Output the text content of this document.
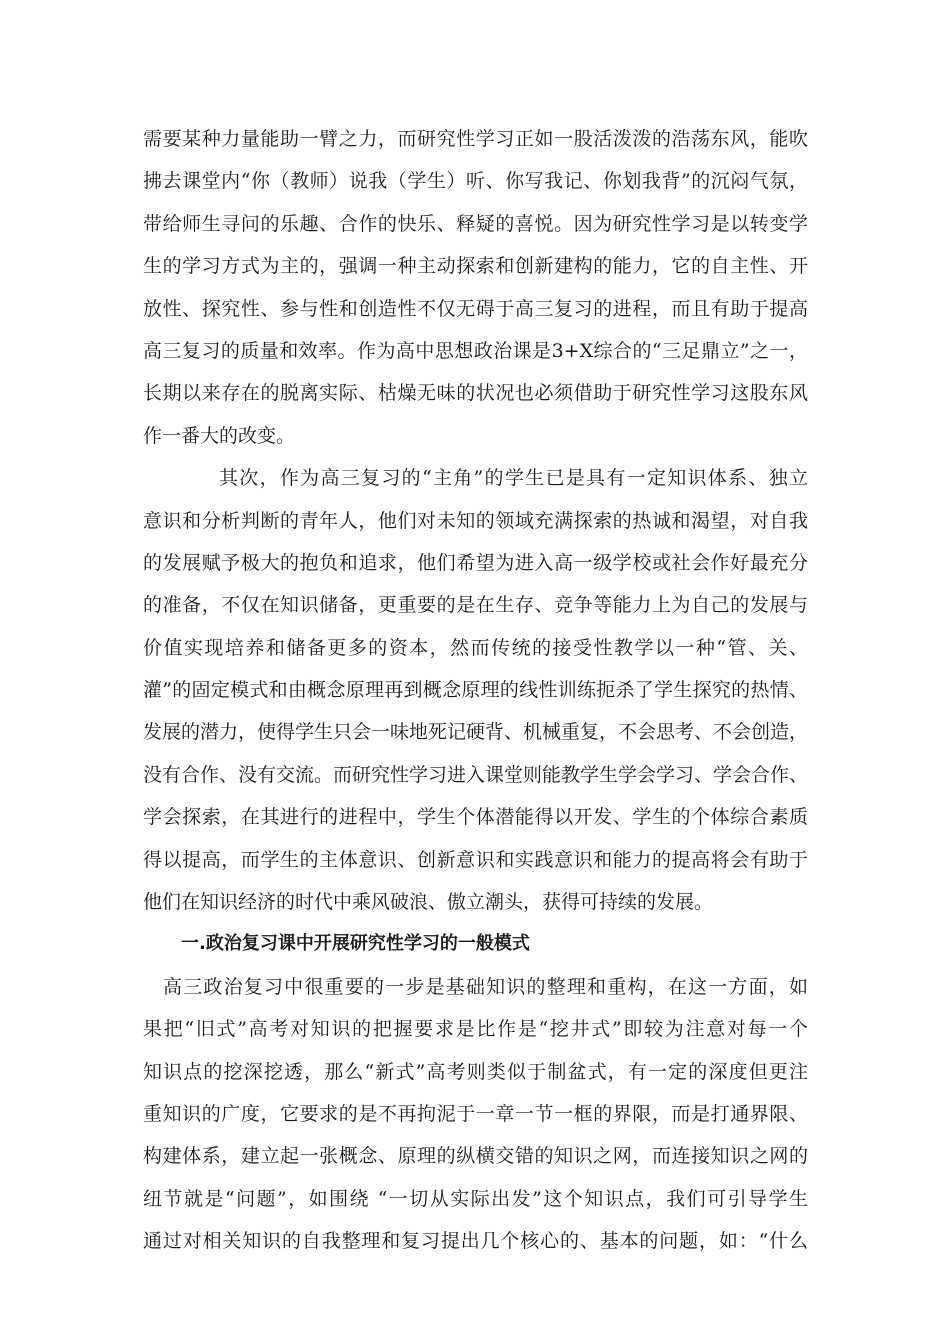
需要某种力量能助一臂之力，而研究性学习正如一股活泼泼的浩荡东风，能吹
拂去课堂内“你（教师）说我（学生）听、你写我记、你划我背”的沉闷气氛，
带给师生寻问的乐趣、合作的快乐、释疑的喜悦。因为研究性学习是以转变学
生的学习方式为主的，强调一种主动探索和创新建构的能力，它的自主性、开
放性、探究性、参与性和创造性不仅无碍于高三复习的进程，而且有助于提高
高三复习的质量和效率。作为高中思想政治课是3+X综合的“三足鼎立”之一，
长期以来存在的脱离实际、枯燥无味的状况也必须借助于研究性学习这股东风
作一番大的改变。
其次，作为高三复习的“主角”的学生已是具有一定知识体系、独立
意识和分析判断的青年人，他们对未知的领域充满探索的热诚和渴望，对自我
的发展赋予极大的抱负和追求，他们希望为进入高一级学校或社会作好最充分
的准备，不仅在知识储备，更重要的是在生存、竞争等能力上为自己的发展与
价值实现培养和储备更多的资本，然而传统的接受性教学以一种“管、关、
灌”的固定模式和由概念原理再到概念原理的线性训练扼杀了学生探究的热情、
发展的潜力，使得学生只会一味地死记硬背、机械重复，不会思考、不会创造，
没有合作、没有交流。而研究性学习进入课堂则能教学生学会学习、学会合作、
学会探索，在其进行的进程中，学生个体潜能得以开发、学生的个体综合素质
得以提高，而学生的主体意识、创新意识和实践意识和能力的提高将会有助于
他们在知识经济的时代中乘风破浪、傲立潮头，获得可持续的发展。
一.政治复习课中开展研究性学习的一般模式
高三政治复习中很重要的一步是基础知识的整理和重构，在这一方面，如
果把“旧式”高考对知识的把握要求是比作是“挖井式”即较为注意对每一个
知识点的挖深挖透，那么“新式”高考则类似于制盆式，有一定的深度但更注
重知识的广度，它要求的是不再拘泥于一章一节一框的界限，而是打通界限、
构建体系，建立起一张概念、原理的纵横交错的知识之网，而连接知识之网的
纽节就是“问题”，如围绕 “一切从实际出发”这个知识点，我们可引导学生
通过对相关知识的自我整理和复习提出几个核心的、基本的问题，如：“什么
